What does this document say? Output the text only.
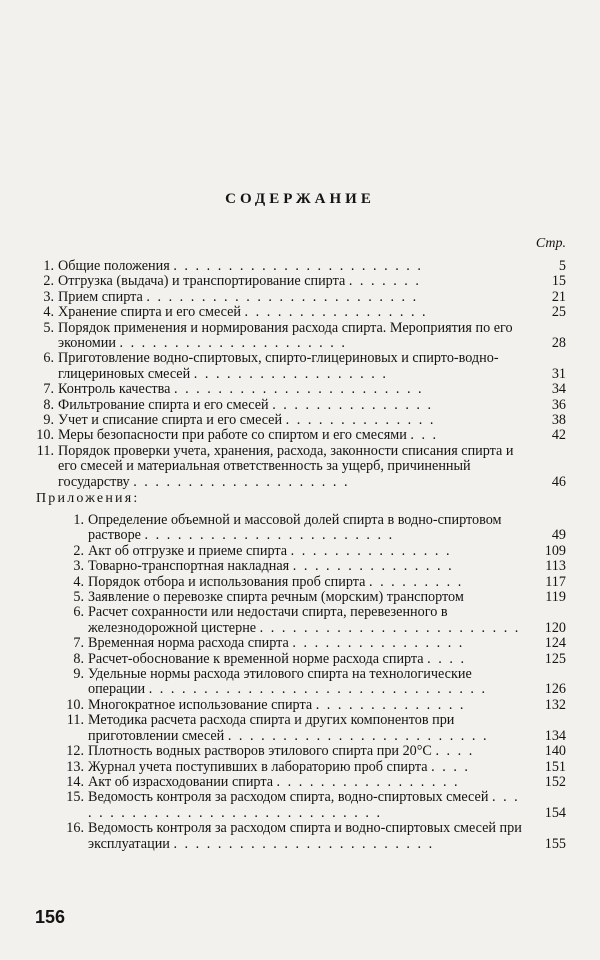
СОДЕРЖАНИЕ
Стр.
1. Общие положения . . . . . . . . . . . . . . . . . . . . . . .	5
2. Отгрузка (выдача) и транспортирование спирта . . . . . . .	15
3. Прием спирта . . . . . . . . . . . . . . . . . . . . . . . . .	21
4. Хранение спирта и его смесей . . . . . . . . . . . . . . . . .	25
5. Порядок применения и нормирования расхода спирта. Мероприятия по его экономии . . . . . . . . . . . . . . . . . . . . .	28
6. Приготовление водно-спиртовых, спирто-глицериновых и спирто-водно-глицериновых смесей . . . . . . . . . . . . . . . . . .	31
7. Контроль качества . . . . . . . . . . . . . . . . . . . . . . .	34
8. Фильтрование спирта и его смесей . . . . . . . . . . . . . . .	36
9. Учет и списание спирта и его смесей . . . . . . . . . . . . . .	38
10. Меры безопасности при работе со спиртом и его смесями . . .	42
11. Порядок проверки учета, хранения, расхода, законности списания спирта и его смесей и материальная ответственность за ущерб, причиненный государству . . . . . . . . . . . . . . . . . . . .	46
Приложения:
1. Определение объемной и массовой долей спирта в водно-спиртовом растворе . . . . . . . . . . . . . . . . . . . . . . .	49
2. Акт об отгрузке и приеме спирта . . . . . . . . . . . . . . .	109
3. Товарно-транспортная накладная . . . . . . . . . . . . . . .	113
4. Порядок отбора и использования проб спирта . . . . . . . . .	117
5. Заявление о перевозке спирта речным (морским) транспортом	119
6. Расчет сохранности или недостачи спирта, перевезенного в железнодорожной цистерне . . . . . . . . . . . . . . . . . . . . . . . .	120
7. Временная норма расхода спирта . . . . . . . . . . . . . . . .	124
8. Расчет-обоснование к временной норме расхода спирта . . . .	125
9. Удельные нормы расхода этилового спирта на технологические операции . . . . . . . . . . . . . . . . . . . . . . . . . . . . . . .	126
10. Многократное использование спирта . . . . . . . . . . . . . .	132
11. Методика расчета расхода спирта и других компонентов при приготовлении смесей . . . . . . . . . . . . . . . . . . . . . . . .	134
12. Плотность водных растворов этилового спирта при 20°С . . . .	140
13. Журнал учета поступивших в лабораторию проб спирта . . . .	151
14. Акт об израсходовании спирта . . . . . . . . . . . . . . . . .	152
15. Ведомость контроля за расходом спирта, водно-спиртовых смесей . . . . . . . . . . . . . . . . . . . . . . . . . . . . . .	154
16. Ведомость контроля за расходом спирта и водно-спиртовых смесей при эксплуатации . . . . . . . . . . . . . . . . . . . . . . . .	155
156
